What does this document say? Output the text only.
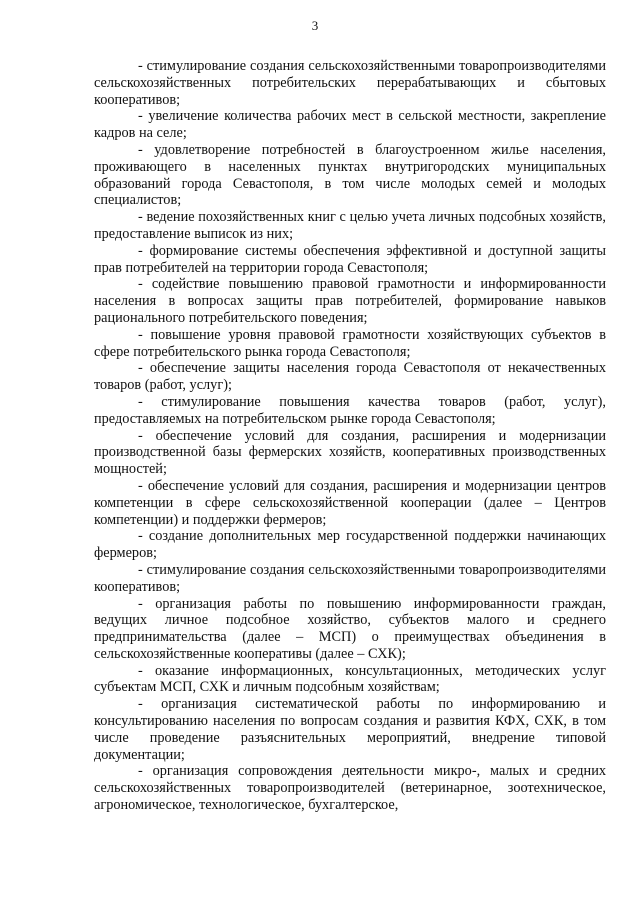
3

- стимулирование создания сельскохозяйственными товаропроизводителями сельскохозяйственных потребительских перерабатывающих и сбытовых кооперативов;

- увеличение количества рабочих мест в сельской местности, закрепление кадров на селе;

- удовлетворение потребностей в благоустроенном жилье населения, проживающего в населенных пунктах внутригородских муниципальных образований города Севастополя, в том числе молодых семей и молодых специалистов;

- ведение похозяйственных книг с целью учета личных подсобных хозяйств, предоставление выписок из них;

- формирование системы обеспечения эффективной и доступной защиты прав потребителей на территории города Севастополя;

- содействие повышению правовой грамотности и информированности населения в вопросах защиты прав потребителей, формирование навыков рационального потребительского поведения;

- повышение уровня правовой грамотности хозяйствующих субъектов в сфере потребительского рынка города Севастополя;

- обеспечение защиты населения города Севастополя от некачественных товаров (работ, услуг);

- стимулирование повышения качества товаров (работ, услуг), предоставляемых на потребительском рынке города Севастополя;

- обеспечение условий для создания, расширения и модернизации производственной базы фермерских хозяйств, кооперативных производственных мощностей;

- обеспечение условий для создания, расширения и модернизации центров компетенции в сфере сельскохозяйственной кооперации (далее – Центров компетенции) и поддержки фермеров;

- создание дополнительных мер государственной поддержки начинающих фермеров;

- стимулирование создания сельскохозяйственными товаропроизводителями кооперативов;

- организация работы по повышению информированности граждан, ведущих личное подсобное хозяйство, субъектов малого и среднего предпринимательства (далее – МСП) о преимуществах объединения в сельскохозяйственные кооперативы (далее – СХК);

- оказание информационных, консультационных, методических услуг субъектам МСП, СХК и личным подсобным хозяйствам;

- организация систематической работы по информированию и консультированию населения по вопросам создания и развития КФХ, СХК, в том числе проведение разъяснительных мероприятий, внедрение типовой документации;

- организация сопровождения деятельности микро-, малых и средних сельскохозяйственных товаропроизводителей (ветеринарное, зоотехническое, агрономическое, технологическое, бухгалтерское,
